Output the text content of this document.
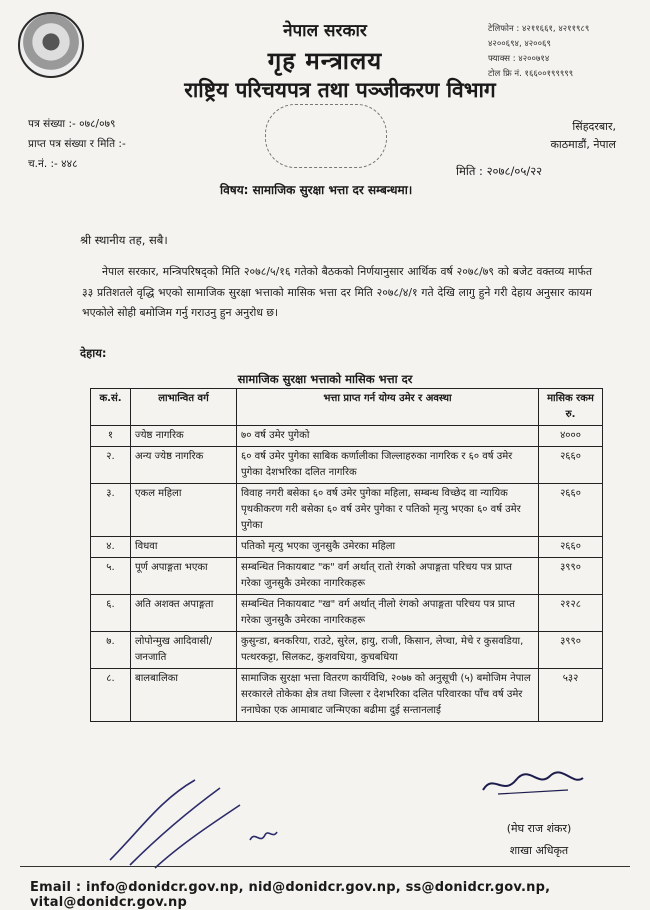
नेपाल सरकार
गृह मन्त्रालय
राष्ट्रिय परिचयपत्र तथा पञ्जीकरण विभाग
टेलिफोन : ४२११६६१, ४२११९८९
४२००६९४, ४२००६९
फ्याक्स : ४२००७१४
टोल फ्रि नं. १६६००१९९९९९
पत्र संख्या :- ०७८/०७९
प्राप्त पत्र संख्या र मिति :-
च.नं. :- ४४८
सिंहदरबार,
काठमाडौं, नेपाल
मिति : २०७८/०५/२२
विषय: सामाजिक सुरक्षा भत्ता दर सम्बन्धमा।
श्री स्थानीय तह, सबै।
नेपाल सरकार, मन्त्रिपरिषद्को मिति २०७८/५/१६ गतेको बैठकको निर्णयानुसार आर्थिक वर्ष २०७८/७९ को बजेट वक्तव्य मार्फत ३३ प्रतिशतले वृद्धि भएको सामाजिक सुरक्षा भत्ताको मासिक भत्ता दर मिति २०७८/४/१ गते देखि लागु हुने गरी देहाय अनुसार कायम भएकोले सोही बमोजिम गर्नु गराउनु हुन अनुरोध छ।
देहाय:
सामाजिक सुरक्षा भत्ताको मासिक भत्ता दर
क.सं.	लाभान्वित वर्ग	भत्ता प्राप्त गर्न योग्य उमेर र अवस्था	मासिक रकम रु.
१	ज्येष्ठ नागरिक	७० वर्ष उमेर पुगेको	४०००
२.	अन्य ज्येष्ठ नागरिक	६० वर्ष उमेर पुगेका साबिक कर्णालीका जिल्लाहरुका नागरिक र ६० वर्ष उमेर पुगेका देशभरिका दलित नागरिक	२६६०
३.	एकल महिला	विवाह नगरी बसेका ६० वर्ष उमेर पुगेका महिला, सम्बन्ध विच्छेद वा न्यायिक पृथकीकरण गरी बसेका ६० वर्ष उमेर पुगेका र पतिको मृत्यु भएका ६० वर्ष उमेर पुगेका	२६६०
४.	विधवा	पतिको मृत्यु भएका जुनसुकै उमेरका महिला	२६६०
५.	पूर्ण अपाङ्गता भएका	सम्बन्धित निकायबाट "क" वर्ग अर्थात् रातो रंगको अपाङ्गता परिचय पत्र प्राप्त गरेका जुनसुकै उमेरका नागरिकहरू	३९९०
६.	अति अशक्त अपाङ्गता	सम्बन्धित निकायबाट "ख" वर्ग अर्थात् नीलो रंगको अपाङ्गता परिचय पत्र प्राप्त गरेका जुनसुकै उमेरका नागरिकहरू	२१२८
७.	लोपोन्मुख आदिवासी/जनजाति	कुसुन्डा, बनकरिया, राउटे, सुरेल, हायु, राजी, किसान, लेप्चा, मेचे र कुसवडिया, पत्थरकट्टा, सिलकट, कुशवधिया, कुचबधिया	३९९०
८.	बालबालिका	सामाजिक सुरक्षा भत्ता वितरण कार्यविधि, २०७७ को अनुसूची (५) बमोजिम नेपाल सरकारले तोकेका क्षेत्र तथा जिल्ला र देशभरिका दलित परिवारका पाँच वर्ष उमेर ननाघेका एक आमाबाट जन्मिएका बढीमा दुई सन्तानलाई	५३२
(मेघ राज शंकर)
शाखा अधिकृत
Email : info@donidcr.gov.np, nid@donidcr.gov.np, ss@donidcr.gov.np, vital@donidcr.gov.np
